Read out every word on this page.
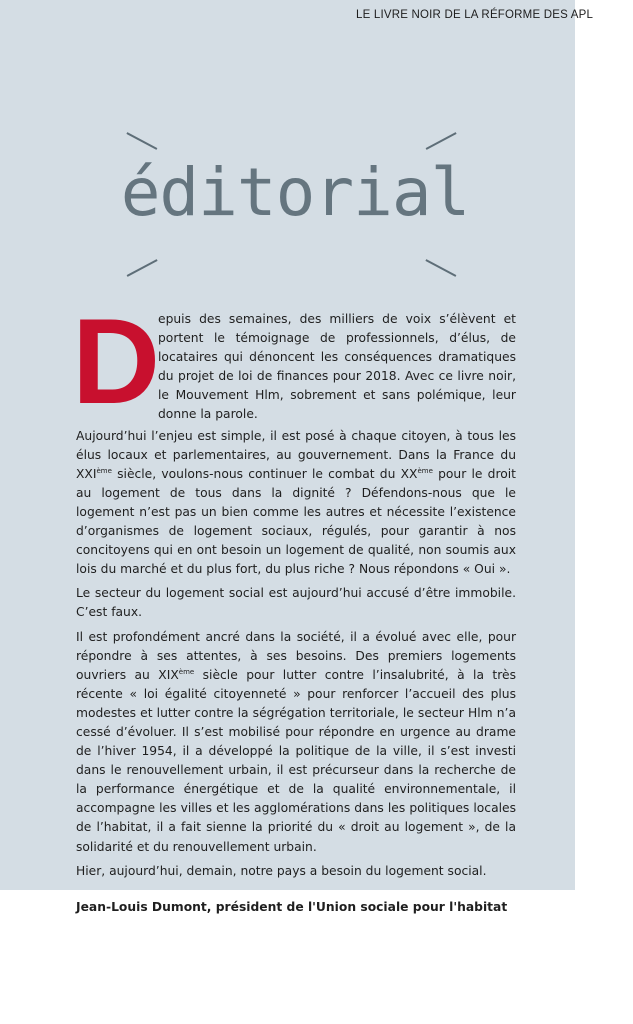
LE LIVRE NOIR DE LA RÉFORME DES APL
éditorial
D

epuis des semaines, des milliers de voix s’élèvent et portent le témoignage de professionnels, d’élus, de locataires qui dénoncent les conséquences dramatiques du projet de loi de finances pour 2018. Avec ce livre noir, le Mouvement Hlm, sobrement et sans polémique, leur donne la parole.

Aujourd’hui l’enjeu est simple, il est posé à chaque citoyen, à tous les élus locaux et parlementaires, au gouvernement. Dans la France du XXIème siècle, voulons-nous continuer le combat du XXème pour le droit au logement de tous dans la dignité ? Défendons-nous que le logement n’est pas un bien comme les autres et nécessite l’existence d’organismes de logement sociaux, régulés, pour garantir à nos concitoyens qui en ont besoin un logement de qualité, non soumis aux lois du marché et du plus fort, du plus riche ? Nous répondons « Oui ».

Le secteur du logement social est aujourd’hui accusé d’être immobile. C’est faux.

Il est profondément ancré dans la société, il a évolué avec elle, pour répondre à ses attentes, à ses besoins. Des premiers logements ouvriers au XIXème siècle pour lutter contre l’insalubrité, à la très récente « loi égalité citoyenneté » pour renforcer l’accueil des plus modestes et lutter contre la ségrégation territoriale, le secteur Hlm n’a cessé d’évoluer. Il s’est mobilisé pour répondre en urgence au drame de l’hiver 1954, il a développé la politique de la ville, il s’est investi dans le renouvellement urbain, il est précurseur dans la recherche de la performance énergétique et de la qualité environnementale, il accompagne les villes et les agglomérations dans les politiques locales de l’habitat, il a fait sienne la priorité du « droit au logement », de la solidarité et du renouvellement urbain.

Hier, aujourd’hui, demain, notre pays a besoin du logement social.

Jean-Louis Dumont, président de l'Union sociale pour l'habitat
